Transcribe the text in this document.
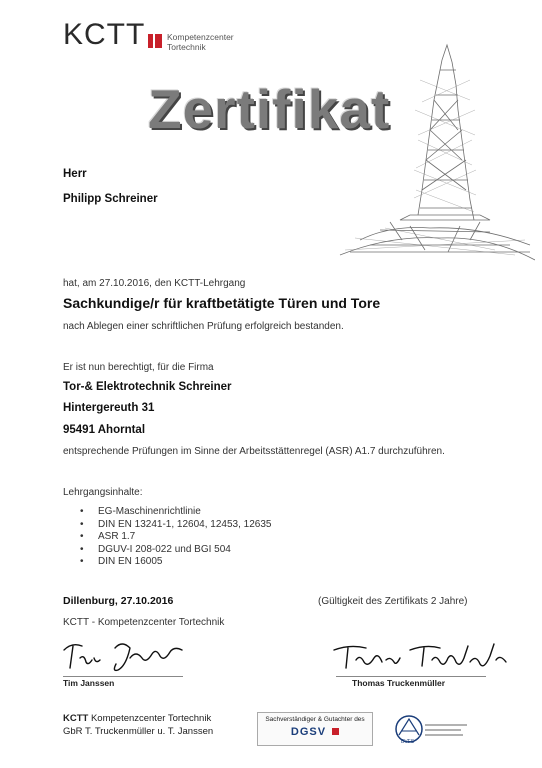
KCTT	Kompetenzcenter
Tortechnik
Zertifikat
Herr
Philipp Schreiner
hat, am 27.10.2016, den KCTT-Lehrgang
Sachkundige/r für kraftbetätigte Türen und Tore
nach Ablegen einer schriftlichen Prüfung erfolgreich bestanden.
Er ist nun berechtigt, für die Firma
Tor-& Elektrotechnik Schreiner
Hintergereuth 31
95491 Ahorntal
entsprechende Prüfungen im Sinne der Arbeitsstättenregel (ASR) A1.7 durchzuführen.
Lehrgangsinhalte:
• EG-Maschinenrichtlinie
• DIN EN 13241-1, 12604, 12453, 12635
• ASR 1.7
• DGUV-I 208-022 und BGI 504
• DIN EN 16005
Dillenburg, 27.10.2016	(Gültigkeit des Zertifikats 2 Jahre)
KCTT - Kompetenzcenter Tortechnik
Tim Janssen	Thomas Truckenmüller
KCTT Kompetenzcenter Tortechnik
GbR T. Truckenmüller u. T. Janssen
Sachverständiger & Gutachter des
DGSV
BVFS
